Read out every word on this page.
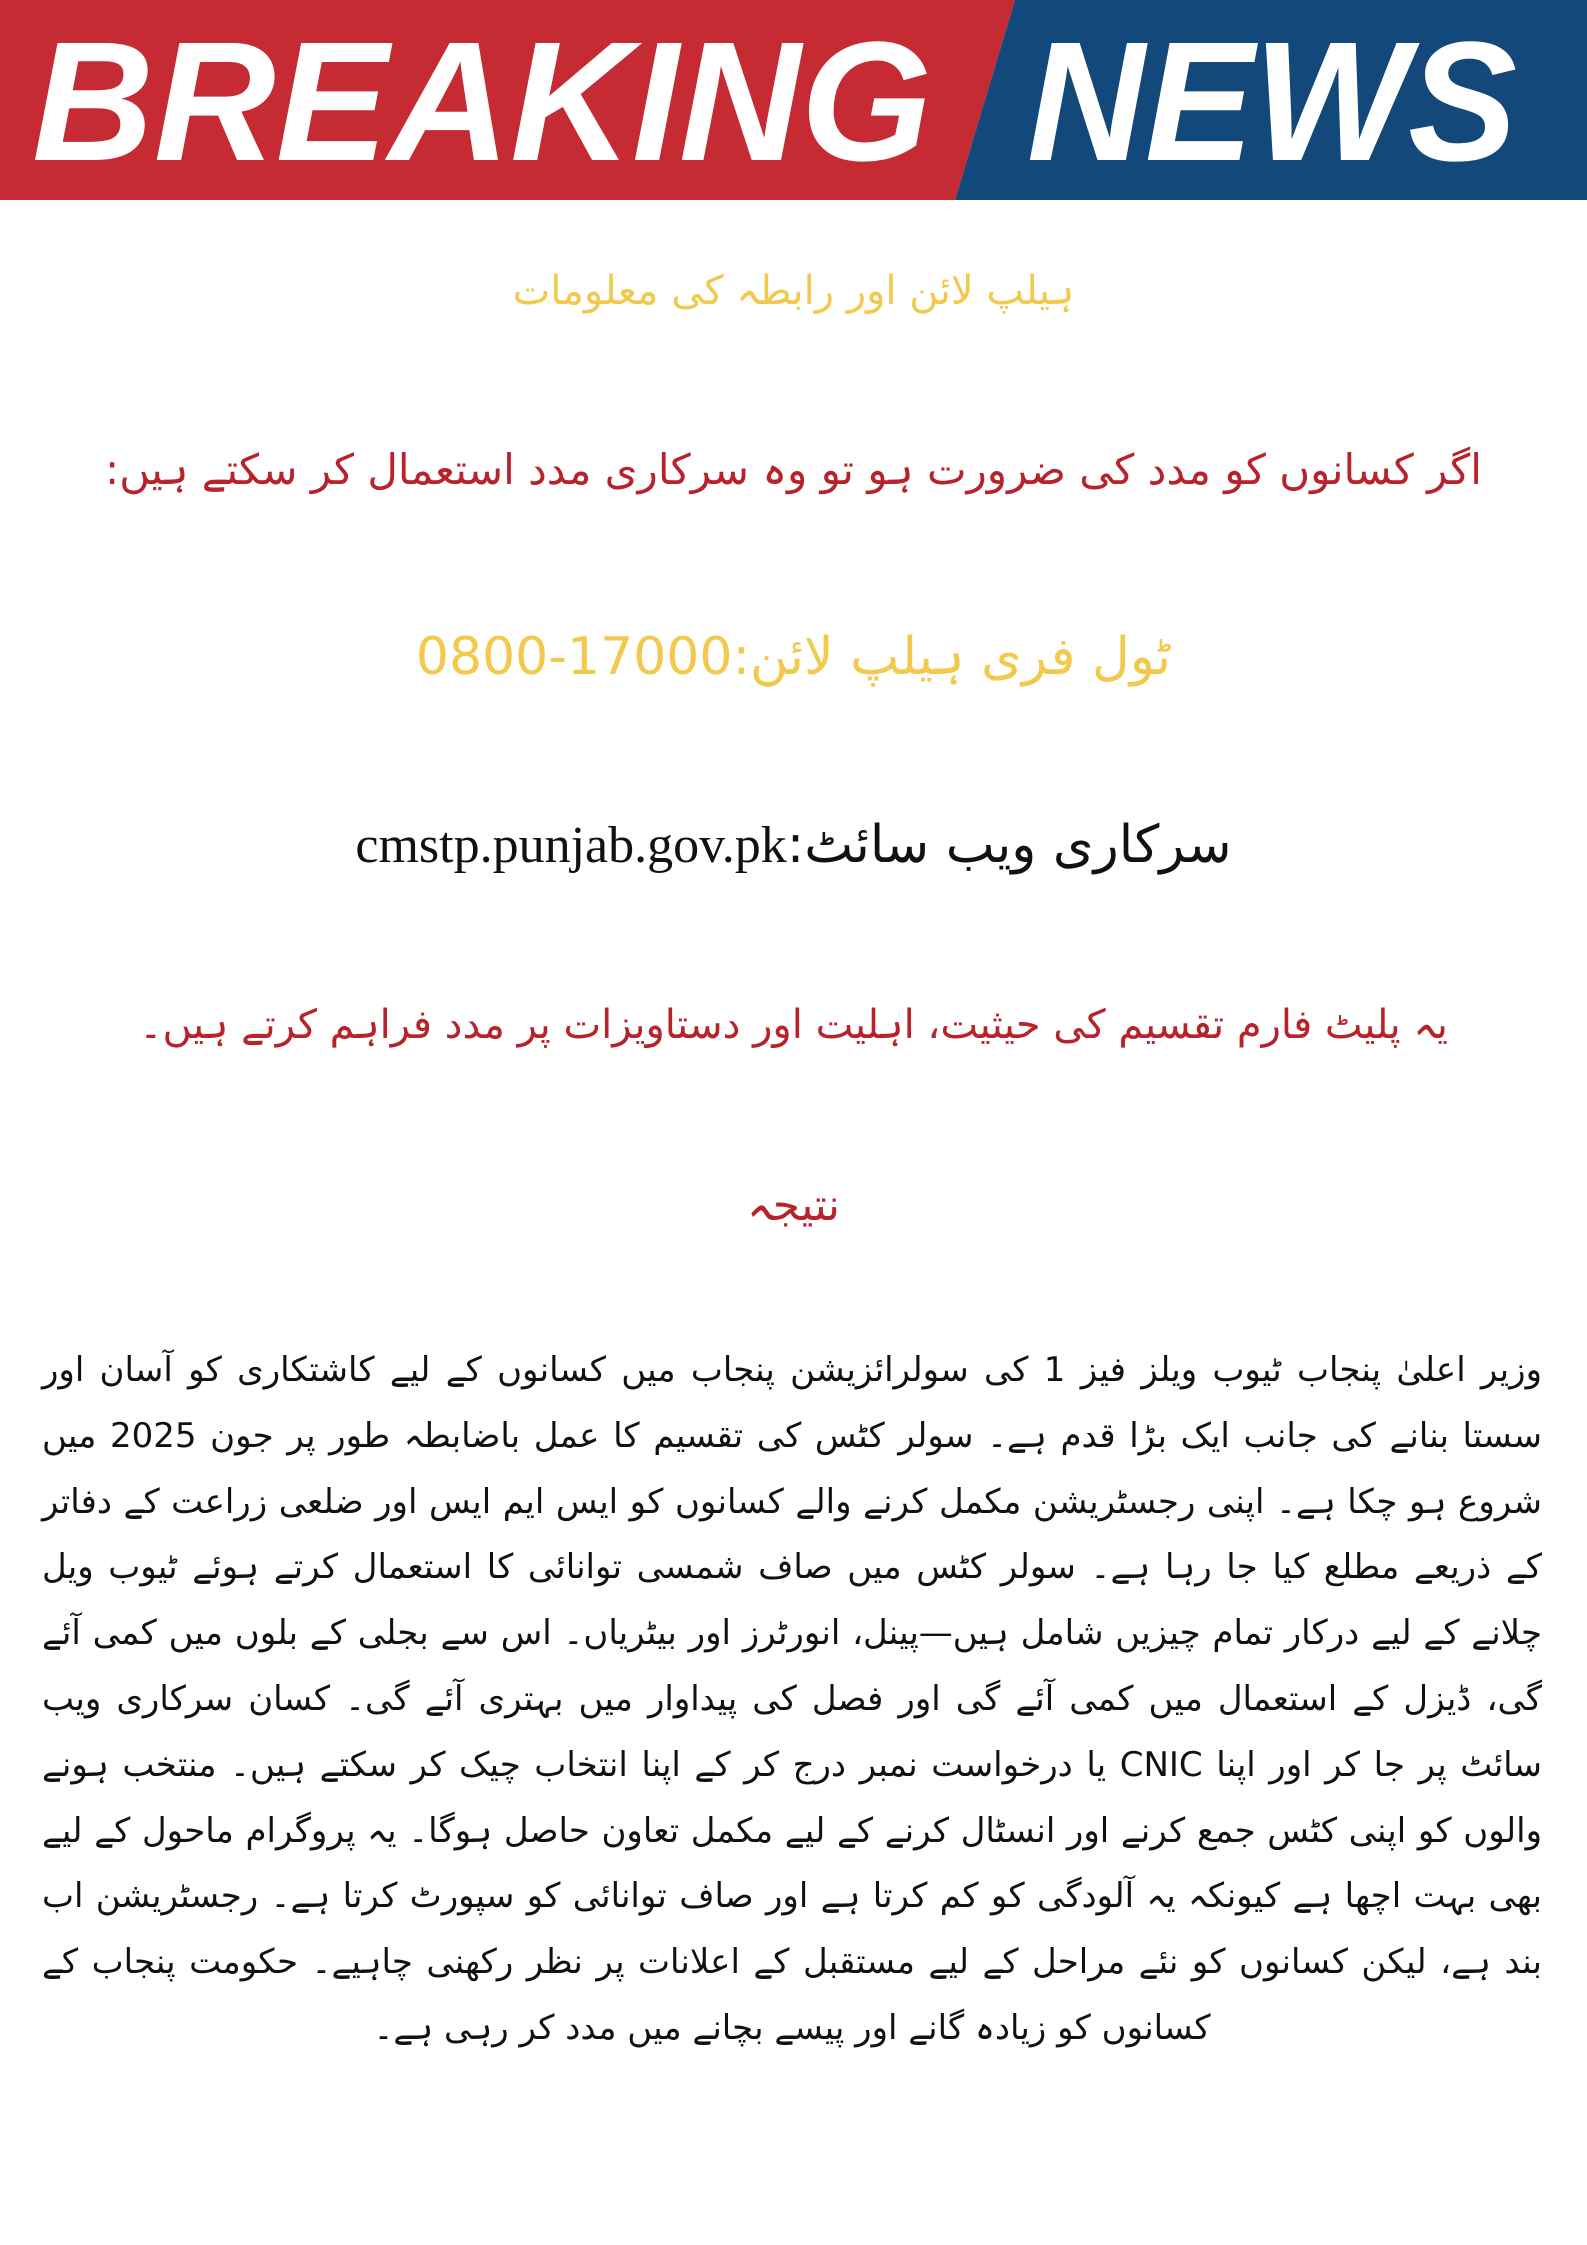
BREAKING NEWS
ہیلپ لائن اور رابطہ کی معلومات
اگر کسانوں کو مدد کی ضرورت ہو تو وہ سرکاری مدد استعمال کر سکتے ہیں:
ٹول فری ہیلپ لائن:0800-17000
سرکاری ویب سائٹ:cmstp.punjab.gov.pk
یہ پلیٹ فارم تقسیم کی حیثیت، اہلیت اور دستاویزات پر مدد فراہم کرتے ہیں۔
نتیجہ
وزیر اعلیٰ پنجاب ٹیوب ویلز فیز 1 کی سولرائزیشن پنجاب میں کسانوں کے لیے کاشتکاری کو آسان اور سستا بنانے کی جانب ایک بڑا قدم ہے۔ سولر کٹس کی تقسیم کا عمل باضابطہ طور پر جون 2025 میں شروع ہو چکا ہے۔ اپنی رجسٹریشن مکمل کرنے والے کسانوں کو ایس ایم ایس اور ضلعی زراعت کے دفاتر کے ذریعے مطلع کیا جا رہا ہے۔ سولر کٹس میں صاف شمسی توانائی کا استعمال کرتے ہوئے ٹیوب ویل چلانے کے لیے درکار تمام چیزیں شامل ہیں—پینل، انورٹرز اور بیٹریاں۔ اس سے بجلی کے بلوں میں کمی آئے گی، ڈیزل کے استعمال میں کمی آئے گی اور فصل کی پیداوار میں بہتری آئے گی۔ کسان سرکاری ویب سائٹ پر جا کر اور اپنا CNIC یا درخواست نمبر درج کر کے اپنا انتخاب چیک کر سکتے ہیں۔ منتخب ہونے والوں کو اپنی کٹس جمع کرنے اور انسٹال کرنے کے لیے مکمل تعاون حاصل ہوگا۔ یہ پروگرام ماحول کے لیے بھی بہت اچھا ہے کیونکہ یہ آلودگی کو کم کرتا ہے اور صاف توانائی کو سپورٹ کرتا ہے۔ رجسٹریشن اب بند ہے، لیکن کسانوں کو نئے مراحل کے لیے مستقبل کے اعلانات پر نظر رکھنی چاہیے۔ حکومت پنجاب کے کسانوں کو زیادہ گانے اور پیسے بچانے میں مدد کر رہی ہے۔
